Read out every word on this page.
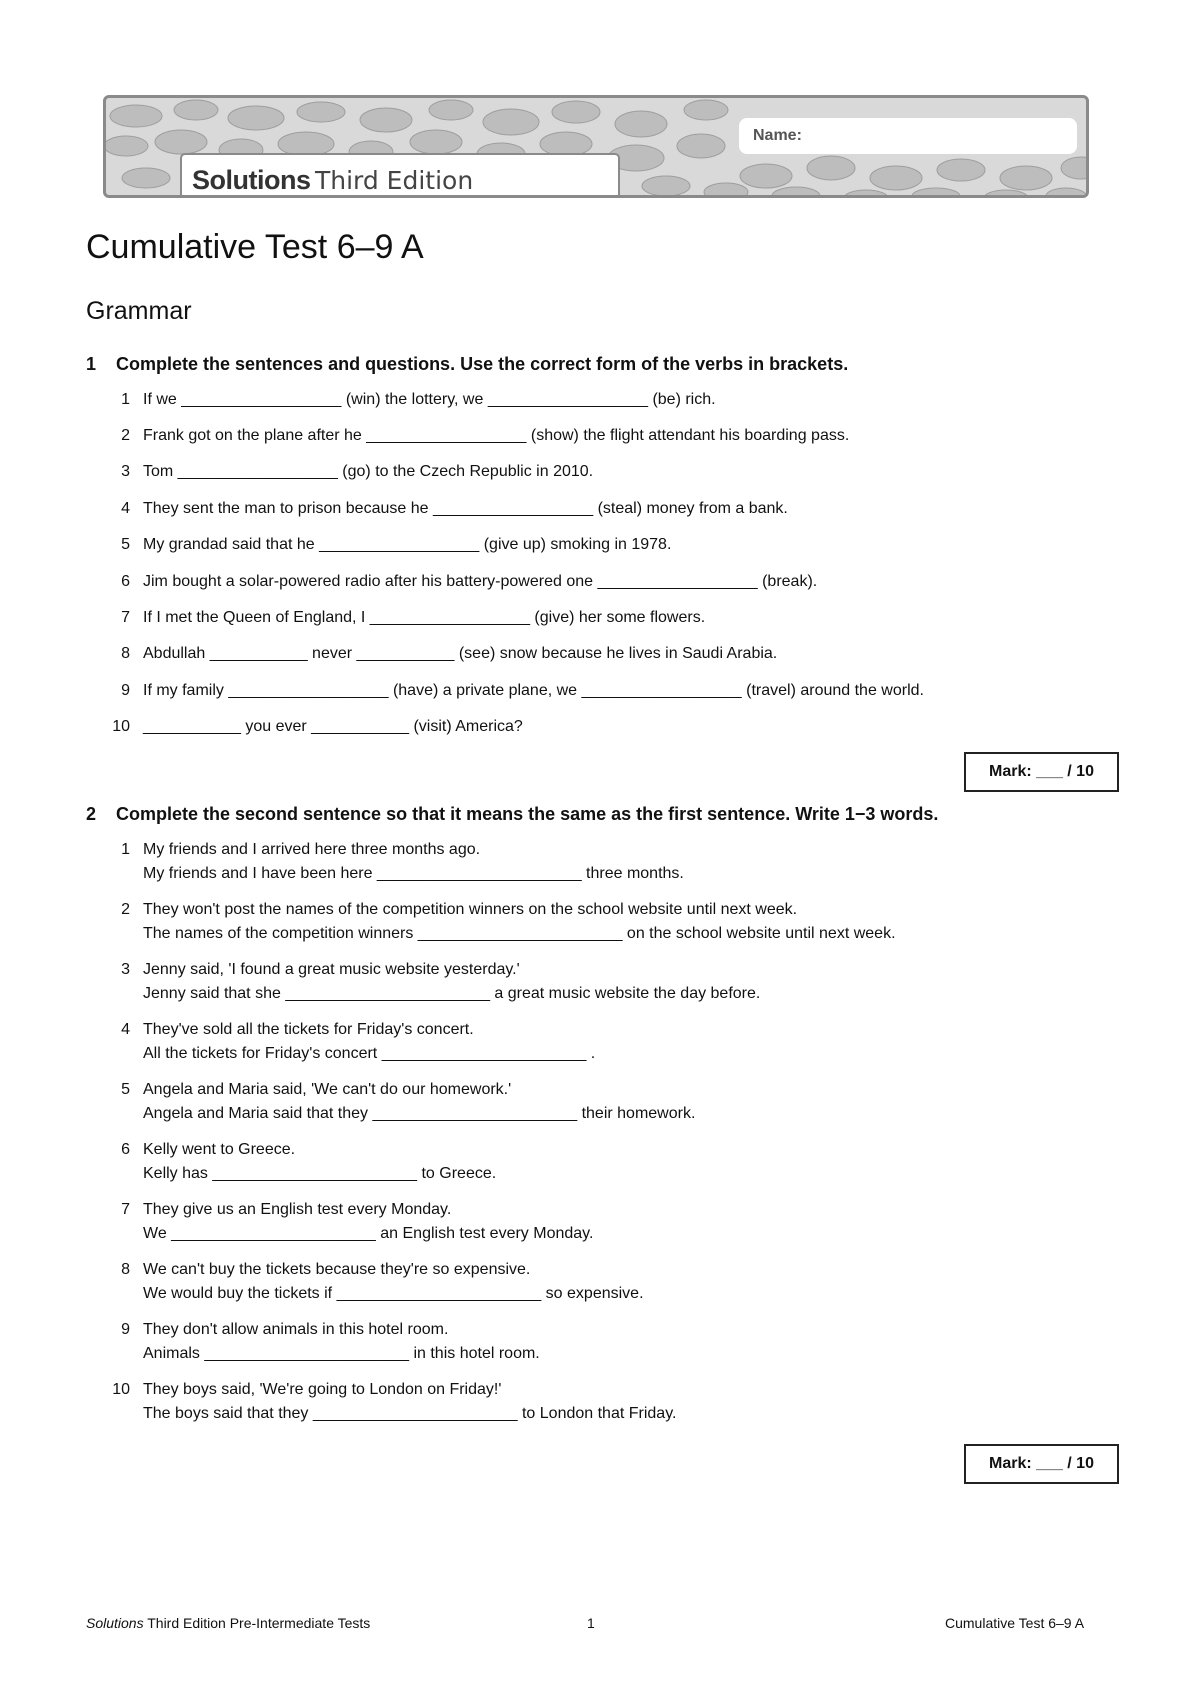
Name:
Solutions Third Edition
Cumulative Test 6–9 A
Grammar
1 Complete the sentences and questions. Use the correct form of the verbs in brackets.
1 If we __________________ (win) the lottery, we __________________ (be) rich.
2 Frank got on the plane after he __________________ (show) the flight attendant his boarding pass.
3 Tom __________________ (go) to the Czech Republic in 2010.
4 They sent the man to prison because he __________________ (steal) money from a bank.
5 My grandad said that he __________________ (give up) smoking in 1978.
6 Jim bought a solar-powered radio after his battery-powered one __________________ (break).
7 If I met the Queen of England, I __________________ (give) her some flowers.
8 Abdullah ___________ never ___________ (see) snow because he lives in Saudi Arabia.
9 If my family __________________ (have) a private plane, we __________________ (travel) around the world.
10 ___________ you ever ___________ (visit) America?
Mark: ___ / 10
2 Complete the second sentence so that it means the same as the first sentence. Write 1−3 words.
1 My friends and I arrived here three months ago.
My friends and I have been here _______________________ three months.
2 They won't post the names of the competition winners on the school website until next week.
The names of the competition winners _______________________ on the school website until next week.
3 Jenny said, 'I found a great music website yesterday.'
Jenny said that she _______________________ a great music website the day before.
4 They've sold all the tickets for Friday's concert.
All the tickets for Friday's concert _______________________ .
5 Angela and Maria said, 'We can't do our homework.'
Angela and Maria said that they _______________________ their homework.
6 Kelly went to Greece.
Kelly has _______________________ to Greece.
7 They give us an English test every Monday.
We _______________________ an English test every Monday.
8 We can't buy the tickets because they're so expensive.
We would buy the tickets if _______________________ so expensive.
9 They don't allow animals in this hotel room.
Animals _______________________ in this hotel room.
10 They boys said, 'We're going to London on Friday!'
The boys said that they _______________________ to London that Friday.
Mark: ___ / 10
Solutions Third Edition Pre-Intermediate Tests	1	Cumulative Test 6–9 A
